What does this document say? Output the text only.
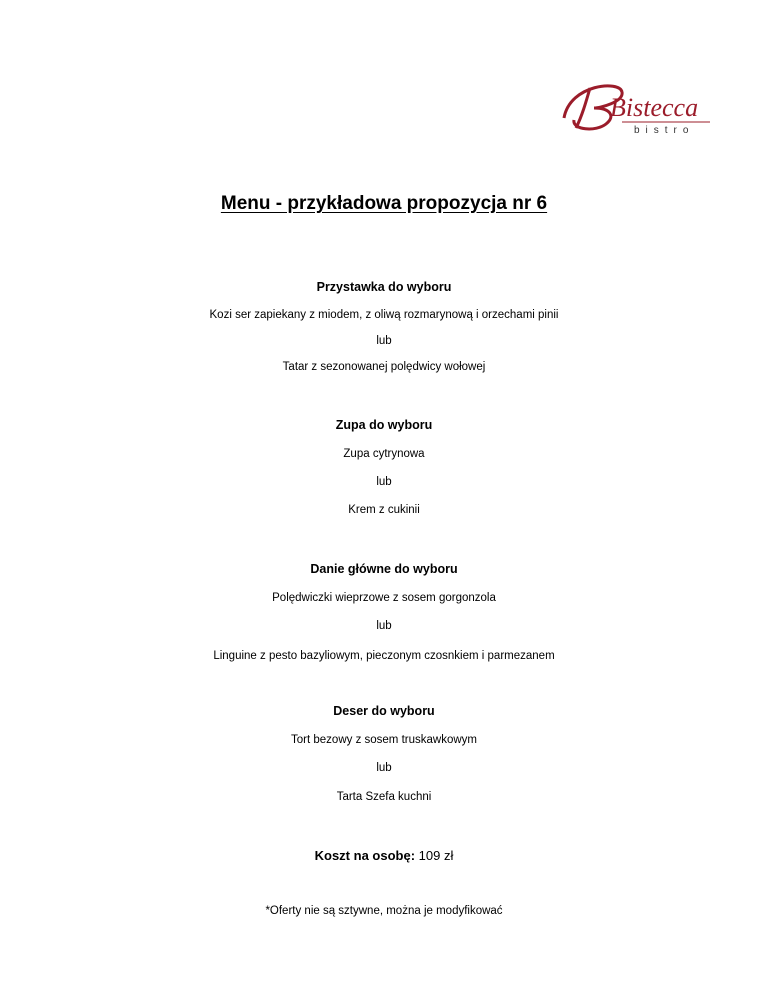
Bistecca
bistro
Menu - przykładowa propozycja nr 6
Przystawka do wyboru
Kozi ser zapiekany z miodem, z oliwą rozmarynową i orzechami pinii
lub
Tatar z sezonowanej polędwicy wołowej
Zupa do wyboru
Zupa cytrynowa
lub
Krem z cukinii
Danie główne do wyboru
Polędwiczki wieprzowe z sosem gorgonzola
lub
Linguine z pesto bazyliowym, pieczonym czosnkiem i parmezanem
Deser do wyboru
Tort bezowy z sosem truskawkowym
lub
Tarta Szefa kuchni
Koszt na osobę: 109 zł
*Oferty nie są sztywne, można je modyfikować
